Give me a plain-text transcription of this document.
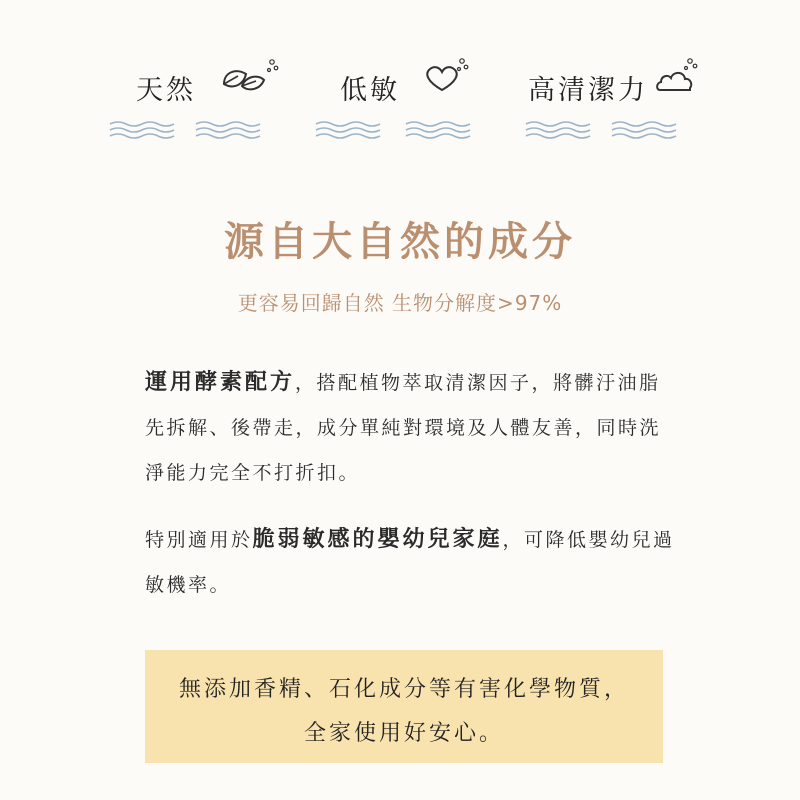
天然	低敏	高清潔力
源自大自然的成分
更容易回歸自然 生物分解度>97%
運用酵素配方，搭配植物萃取清潔因子，將髒汙油脂先拆解、後帶走，成分單純對環境及人體友善，同時洗淨能力完全不打折扣。
特別適用於脆弱敏感的嬰幼兒家庭，可降低嬰幼兒過敏機率。
無添加香精、石化成分等有害化學物質，
全家使用好安心。
